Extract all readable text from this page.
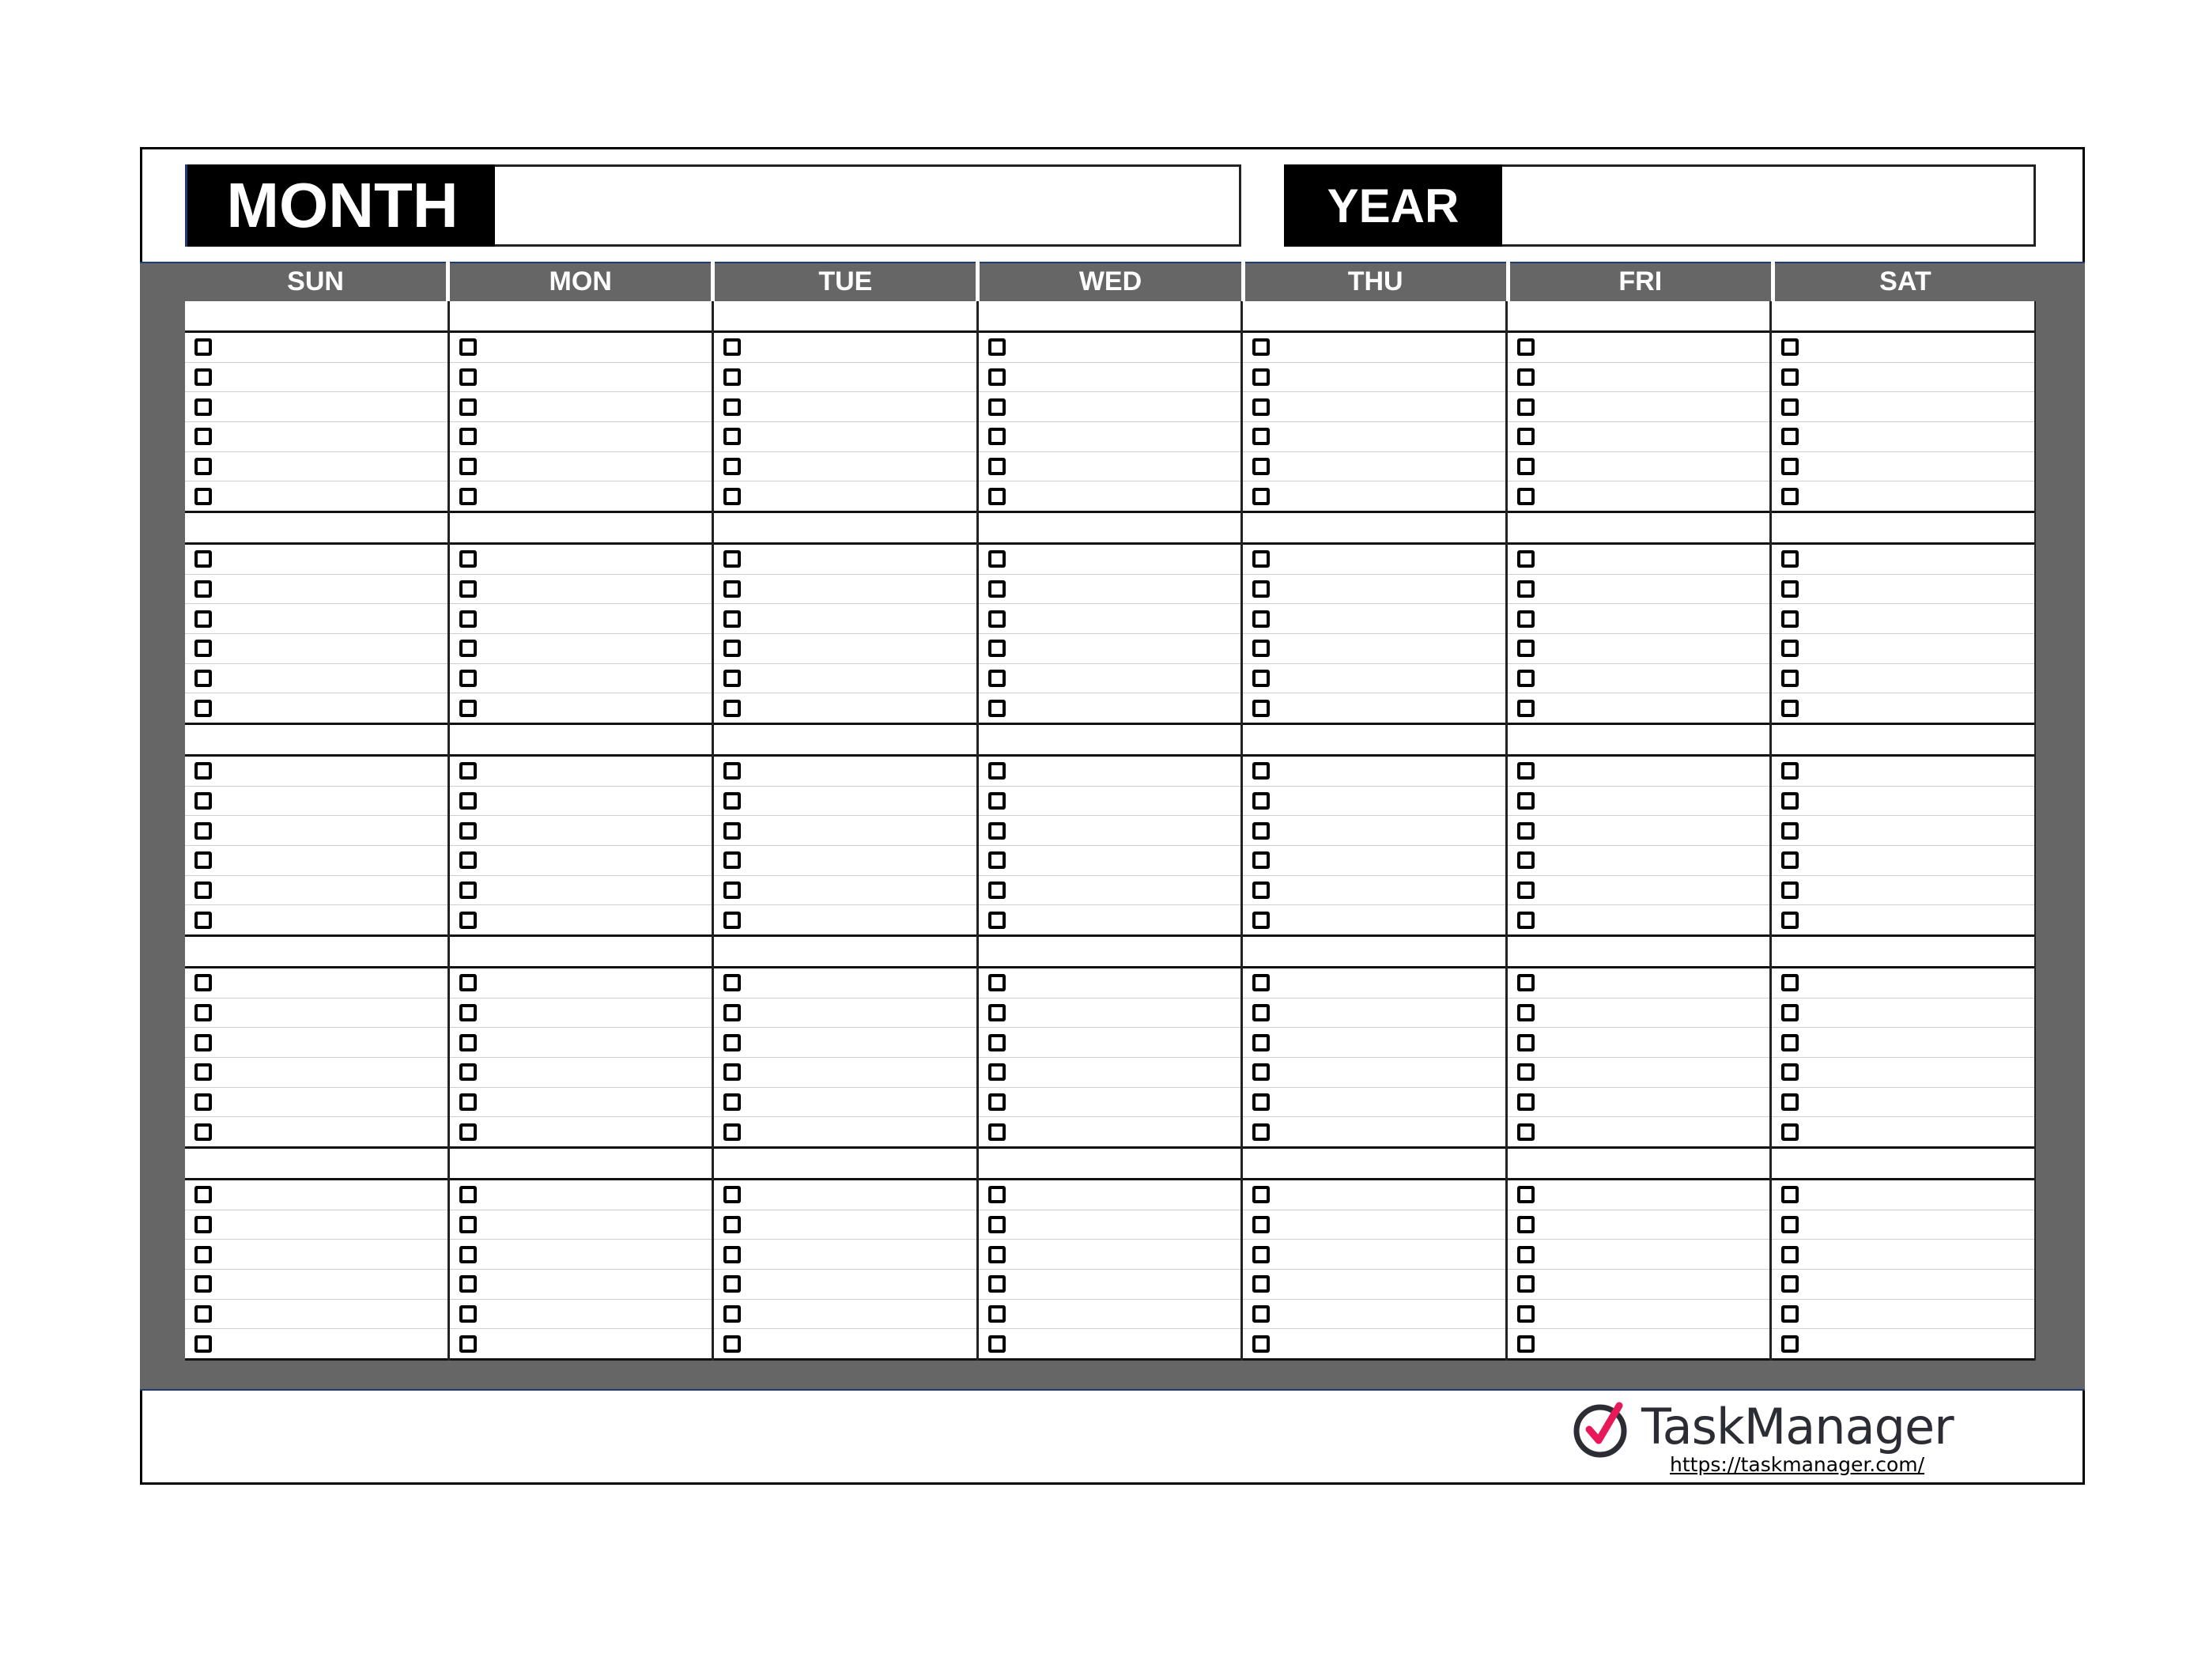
MONTH	YEAR
SUN	MON	TUE	WED	THU	FRI	SAT
TaskManager
https://taskmanager.com/
